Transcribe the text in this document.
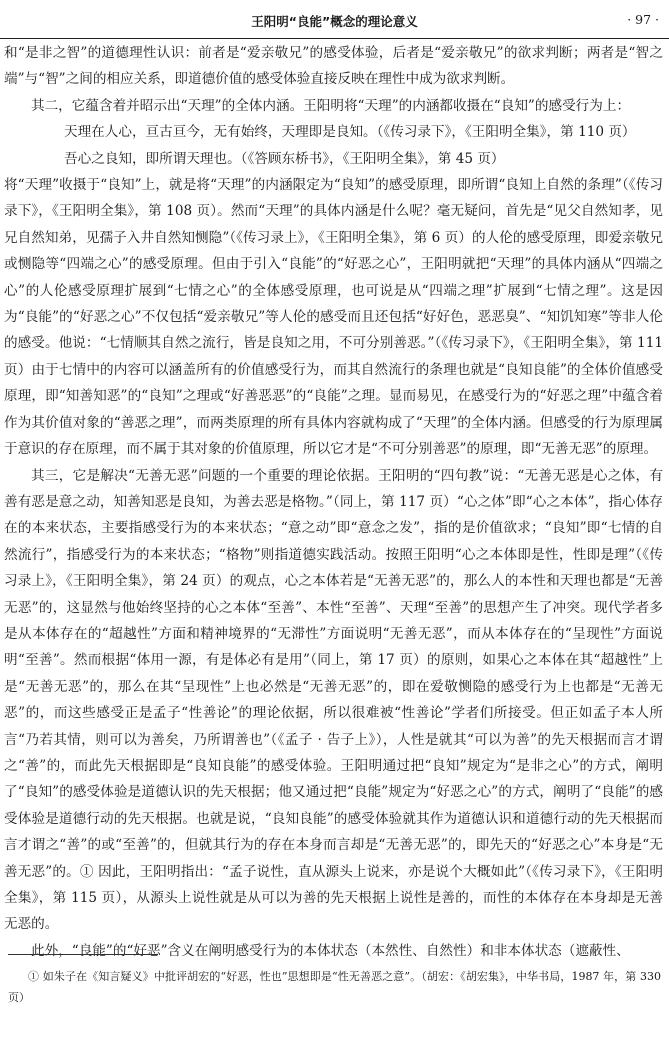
王阳明“良能”概念的理论意义	· 97 ·

和“是非之智”的道德理性认识：前者是“爱亲敬兄”的感受体验，后者是“爱亲敬兄”的欲求判断；两者是“智之端”与“智”之间的相应关系，即道德价值的感受体验直接反映在理性中成为欲求判断。

其二，它蕴含着并昭示出“天理”的全体内涵。王阳明将“天理”的内涵都收摄在“良知”的感受行为上：

天理在人心，亘古亘今，无有始终，天理即是良知。（《传习录下》，《王阳明全集》，第 110 页）

吾心之良知，即所谓天理也。（《答顾东桥书》，《王阳明全集》，第 45 页）

将“天理”收摄于“良知”上，就是将“天理”的内涵限定为“良知”的感受原理，即所谓“良知上自然的条理”（《传习录下》，《王阳明全集》，第 108 页）。然而“天理”的具体内涵是什么呢？毫无疑问，首先是“见父自然知孝，见兄自然知弟，见孺子入井自然知恻隐”（《传习录上》，《王阳明全集》，第 6 页）的人伦的感受原理，即爱亲敬兄或恻隐等“四端之心”的感受原理。但由于引入“良能”的“好恶之心”，王阳明就把“天理”的具体内涵从“四端之心”的人伦感受原理扩展到“七情之心”的全体感受原理，也可说是从“四端之理”扩展到“七情之理”。这是因为“良能”的“好恶之心”不仅包括“爱亲敬兄”等人伦的感受而且还包括“好好色，恶恶臭”、“知饥知寒”等非人伦的感受。他说：“七情顺其自然之流行，皆是良知之用，不可分别善恶。”（《传习录下》，《王阳明全集》，第 111 页）由于七情中的内容可以涵盖所有的价值感受行为，而其自然流行的条理也就是“良知良能”的全体价值感受原理，即“知善知恶”的“良知”之理或“好善恶恶”的“良能”之理。显而易见，在感受行为的“好恶之理”中蕴含着作为其价值对象的“善恶之理”，而两类原理的所有具体内容就构成了“天理”的全体内涵。但感受的行为原理属于意识的存在原理，而不属于其对象的价值原理，所以它才是“不可分别善恶”的原理，即“无善无恶”的原理。

其三，它是解决“无善无恶”问题的一个重要的理论依据。王阳明的“四句教”说：“无善无恶是心之体，有善有恶是意之动，知善知恶是良知，为善去恶是格物。”（同上，第 117 页）“心之体”即“心之本体”，指心体存在的本来状态，主要指感受行为的本来状态；“意之动”即“意念之发”，指的是价值欲求；“良知”即“七情的自然流行”，指感受行为的本来状态；“格物”则指道德实践活动。按照王阳明“心之本体即是性，性即是理”（《传习录上》，《王阳明全集》，第 24 页）的观点，心之本体若是“无善无恶”的，那么人的本性和天理也都是“无善无恶”的，这显然与他始终坚持的心之本体“至善”、本性“至善”、天理“至善”的思想产生了冲突。现代学者多是从本体存在的“超越性”方面和精神境界的“无滞性”方面说明“无善无恶”，而从本体存在的“呈现性”方面说明“至善”。然而根据“体用一源，有是体必有是用”（同上，第 17 页）的原则，如果心之本体在其“超越性”上是“无善无恶”的，那么在其“呈现性”上也必然是“无善无恶”的，即在爱敬恻隐的感受行为上也都是“无善无恶”的，而这些感受正是孟子“性善论”的理论依据，所以很难被“性善论”学者们所接受。但正如孟子本人所言“乃若其情，则可以为善矣，乃所谓善也”（《孟子 · 告子上》），人性是就其“可以为善”的先天根据而言才谓之“善”的，而此先天根据即是“良知良能”的感受体验。王阳明通过把“良知”规定为“是非之心”的方式，阐明了“良知”的感受体验是道德认识的先天根据；他又通过把“良能”规定为“好恶之心”的方式，阐明了“良能”的感受体验是道德行动的先天根据。也就是说，“良知良能”的感受体验就其作为道德认识和道德行动的先天根据而言才谓之“善”的或“至善”的，但就其行为的存在本身而言却是“无善无恶”的，即先天的“好恶之心”本身是“无善无恶”的。① 因此，王阳明指出：“孟子说性，直从源头上说来，亦是说个大概如此”（《传习录下》，《王阳明全集》，第 115 页），从源头上说性就是从可以为善的先天根据上说性是善的，而性的本体存在本身却是无善无恶的。

此外，“良能”的“好恶”含义在阐明感受行为的本体状态（本然性、自然性）和非本体状态（遮蔽性、

① 如朱子在《知言疑义》中批评胡宏的“好恶，性也”思想即是“性无善恶之意”。（胡宏：《胡宏集》，中华书局，1987 年，第 330 页）
